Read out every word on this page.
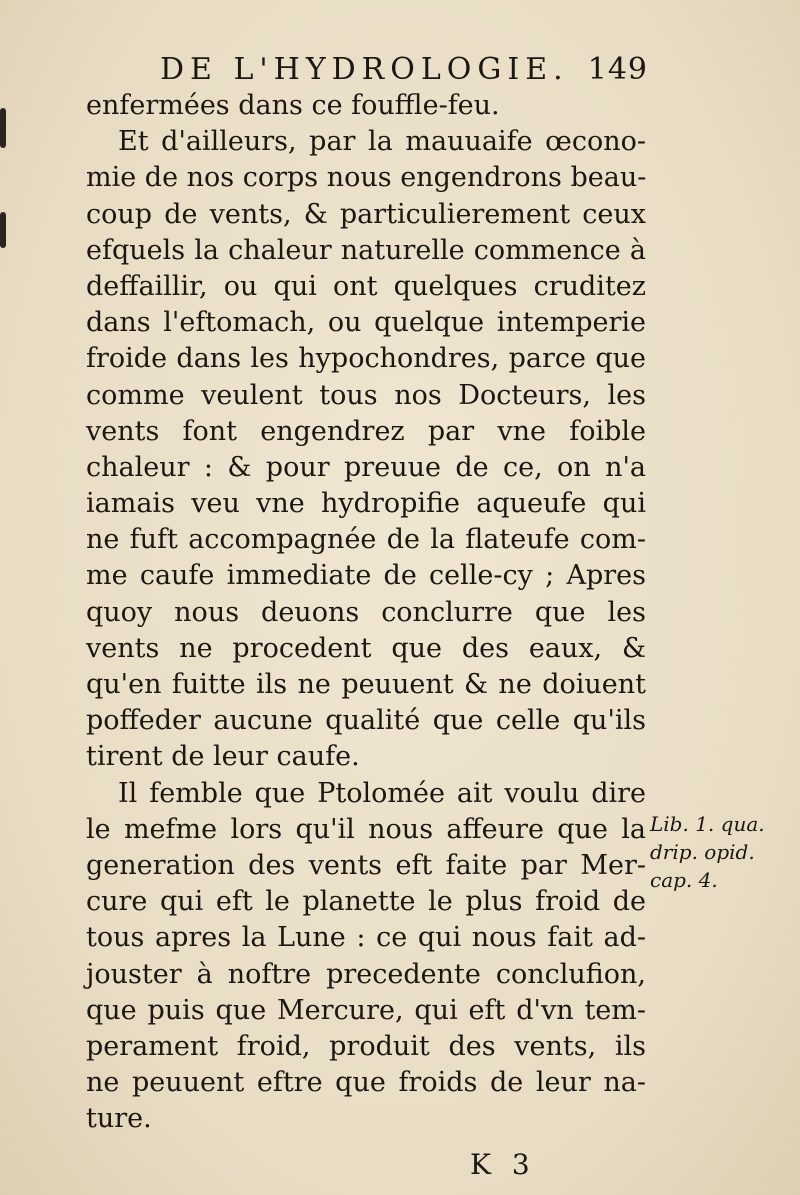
DE L'HYDROLOGIE. 149
enfermées dans ce fouffle-feu.
Et d'ailleurs, par la mauuaife œcono-
mie de nos corps nous engendrons beau-
coup de vents, & particulierement ceux
efquels la chaleur naturelle commence à
deffaillir, ou qui ont quelques cruditez
dans l'eftomach, ou quelque intemperie
froide dans les hypochondres, parce que
comme veulent tous nos Docteurs, les
vents font engendrez par vne foible
chaleur : & pour preuue de ce, on n'a
iamais veu vne hydropifie aqueufe qui
ne fuft accompagnée de la flateufe com-
me caufe immediate de celle-cy ; Apres
quoy nous deuons conclurre que les
vents ne procedent que des eaux, &
qu'en fuitte ils ne peuuent & ne doiuent
poffeder aucune qualité que celle qu'ils
tirent de leur caufe.
Il femble que Ptolomée ait voulu dire
le mefme lors qu'il nous affeure que la
generation des vents eft faite par Mer-
cure qui eft le planette le plus froid de
tous apres la Lune : ce qui nous fait ad-
jouster à noftre precedente conclufion,
que puis que Mercure, qui eft d'vn tem-
perament froid, produit des vents, ils
ne peuuent eftre que froids de leur na-
ture.
Lib. 1. qua.
drip. opid.
cap. 4.
K 3
